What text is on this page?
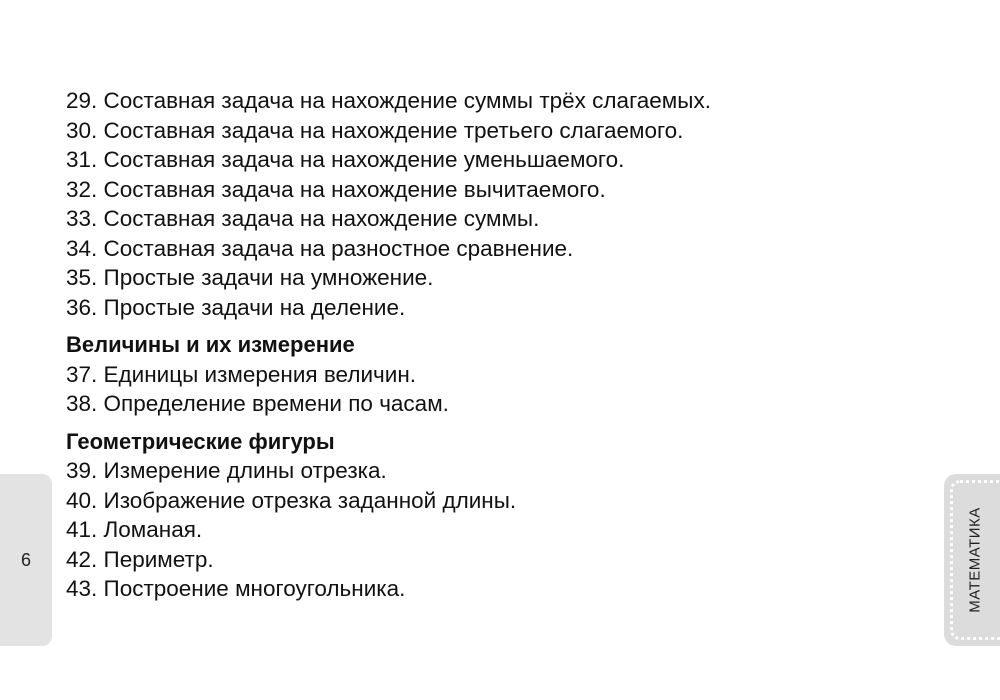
29. Составная задача на нахождение суммы трёх слагаемых.
30. Составная задача на нахождение третьего слагаемого.
31. Составная задача на нахождение уменьшаемого.
32. Составная задача на нахождение вычитаемого.
33. Составная задача на нахождение суммы.
34. Составная задача на разностное сравнение.
35. Простые задачи на умножение.
36. Простые задачи на деление.
Величины и их измерение
37. Единицы измерения величин.
38. Определение времени по часам.
Геометрические фигуры
39. Измерение длины отрезка.
40. Изображение отрезка заданной длины.
41. Ломаная.
42. Периметр.
43. Построение многоугольника.
6	МАТЕМАТИКА
